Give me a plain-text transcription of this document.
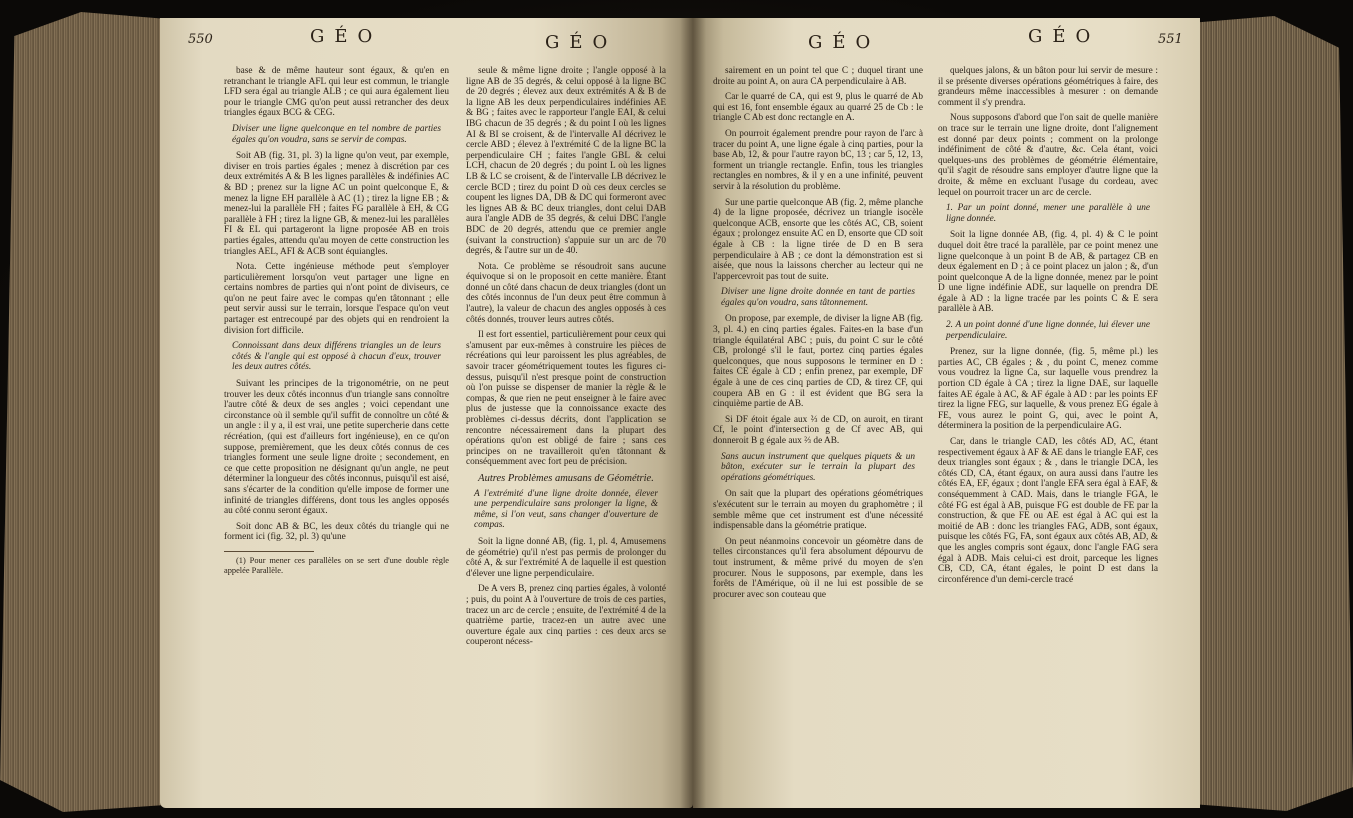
550	GÉO	GÉO

base & de même hauteur sont égaux, & qu'en en retranchant le triangle AFL qui leur est commun, le triangle LFD sera égal au triangle ALB ; ce qui aura également lieu pour le triangle CMG qu'on peut aussi retrancher des deux triangles égaux BCG & CEG.

Diviser une ligne quelconque en tel nombre de parties égales qu'on voudra, sans se servir de compas.

Soit AB (fig. 31, pl. 3) la ligne qu'on veut, par exemple, diviser en trois parties égales ; menez à discrétion par ces deux extrémités A & B les lignes parallèles & indéfinies AC & BD ; prenez sur la ligne AC un point quelconque E, & menez la ligne EH parallèle à AC (1) ; tirez la ligne EB ; & menez-lui la parallèle FH ; faites FG parallèle à EH, & CG parallèle à FH ; tirez la ligne GB, & menez-lui les parallèles FI & EL qui partageront la ligne proposée AB en trois parties égales, attendu qu'au moyen de cette construction les triangles AEL, AFI & ACB sont équiangles.

Nota. Cette ingénieuse méthode peut s'employer particulièrement lorsqu'on veut partager une ligne en certains nombres de parties qui n'ont point de diviseurs, ce qu'on ne peut faire avec le compas qu'en tâtonnant ; elle peut servir aussi sur le terrain, lorsque l'espace qu'on veut partager est entrecoupé par des objets qui en rendroient la division fort difficile.

Connoissant dans deux différens triangles un de leurs côtés & l'angle qui est opposé à chacun d'eux, trouver les deux autres côtés.

Suivant les principes de la trigonométrie, on ne peut trouver les deux côtés inconnus d'un triangle sans connoître l'autre côté & deux de ses angles ; voici cependant une circonstance où il semble qu'il suffit de connoître un côté & un angle : il y a, il est vrai, une petite supercherie dans cette récréation, (qui est d'ailleurs fort ingénieuse), en ce qu'on suppose, premièrement, que les deux côtés connus de ces triangles forment une seule ligne droite ; secondement, en ce que cette proposition ne désignant qu'un angle, ne peut déterminer la longueur des côtés inconnus, puisqu'il est aisé, sans s'écarter de la condition qu'elle impose de former une infinité de triangles différens, dont tous les angles opposés au côté connu seront égaux.

Soit donc AB & BC, les deux côtés du triangle qui ne forment ici (fig. 32, pl. 3) qu'une

(1) Pour mener ces parallèles on se sert d'une double règle appelée Parallèle.

seule & même ligne droite ; l'angle opposé à la ligne AB de 35 degrés, & celui opposé à la ligne BC de 20 degrés ; élevez aux deux extrémités A & B de la ligne AB les deux perpendiculaires indéfinies AE & BG ; faites avec le rapporteur l'angle EAI, & celui IBG chacun de 35 degrés ; & du point I où les lignes AI & BI se croisent, & de l'intervalle AI décrivez le cercle ABD ; élevez à l'extrémité C de la ligne BC la perpendiculaire CH ; faites l'angle GBL & celui LCH, chacun de 20 degrés ; du point L où les lignes LB & LC se croisent, & de l'intervalle LB décrivez le cercle BCD ; tirez du point D où ces deux cercles se coupent les lignes DA, DB & DC qui formeront avec les lignes AB & BC deux triangles, dont celui DAB aura l'angle ADB de 35 degrés, & celui DBC l'angle BDC de 20 degrés, attendu que ce premier angle (suivant la construction) s'appuie sur un arc de 70 degrés, & l'autre sur un de 40.

Nota. Ce problème se résoudroit sans aucune équivoque si on le proposoit en cette manière. Étant donné un côté dans chacun de deux triangles (dont un des côtés inconnus de l'un deux peut être commun à l'autre), la valeur de chacun des angles opposés à ces côtés donnés, trouver leurs autres côtés.

Il est fort essentiel, particulièrement pour ceux qui s'amusent par eux-mêmes à construire les pièces de récréations qui leur paroissent les plus agréables, de savoir tracer géométriquement toutes les figures ci-dessus, puisqu'il n'est presque point de construction où l'on puisse se dispenser de manier la règle & le compas, & que rien ne peut enseigner à le faire avec plus de justesse que la connoissance exacte des problèmes ci-dessus décrits, dont l'application se rencontre nécessairement dans la plupart des opérations qu'on est obligé de faire ; sans ces principes on ne travailleroit qu'en tâtonnant & conséquemment avec fort peu de précision.

Autres Problèmes amusans de Géométrie.

A l'extrémité d'une ligne droite donnée, élever une perpendiculaire sans prolonger la ligne, & même, si l'on veut, sans changer d'ouverture de compas.

Soit la ligne donné AB, (fig. 1, pl. 4, Amusemens de géométrie) qu'il n'est pas permis de prolonger du côté A, & sur l'extrémité A de laquelle il est question d'élever une ligne perpendiculaire.

De A vers B, prenez cinq parties égales, à volonté ; puis, du point A à l'ouverture de trois de ces parties, tracez un arc de cercle ; ensuite, de l'extrémité 4 de la quatrième partie, tracez-en un autre avec une ouverture égale aux cinq parties : ces deux arcs se couperont nécess-

GÉO	GÉO	551

sairement en un point tel que C ; duquel tirant une droite au point A, on aura CA perpendiculaire à AB.

Car le quarré de CA, qui est 9, plus le quarré de Ab qui est 16, font ensemble égaux au quarré 25 de Cb : le triangle C Ab est donc rectangle en A.

On pourroit également prendre pour rayon de l'arc à tracer du point A, une ligne égale à cinq parties, pour la base Ab, 12, & pour l'autre rayon bC, 13 ; car 5, 12, 13, forment un triangle rectangle. Enfin, tous les triangles rectangles en nombres, & il y en a une infinité, peuvent servir à la résolution du problème.

Sur une partie quelconque AB (fig. 2, même planche 4) de la ligne proposée, décrivez un triangle isocèle quelconque ACB, ensorte que les côtés AC, CB, soient égaux ; prolongez ensuite AC en D, ensorte que CD soit égale à CB : la ligne tirée de D en B sera perpendiculaire à AB ; ce dont la démonstration est si aisée, que nous la laissons chercher au lecteur qui ne l'appercevroit pas tout de suite.

Diviser une ligne droite donnée en tant de parties égales qu'on voudra, sans tâtonnement.

On propose, par exemple, de diviser la ligne AB (fig. 3, pl. 4.) en cinq parties égales. Faites-en la base d'un triangle équilatéral ABC ; puis, du point C sur le côté CB, prolongé s'il le faut, portez cinq parties égales quelconques, que nous supposons le terminer en D : faites CE égale à CD ; enfin prenez, par exemple, DF égale à une de ces cinq parties de CD, & tirez CF, qui coupera AB en G : il est évident que BG sera la cinquième partie de AB.

Si DF étoit égale aux ⅔ de CD, on auroit, en tirant Cf, le point d'intersection g de Cf avec AB, qui donneroit B g égale aux ⅔ de AB.

Sans aucun instrument que quelques piquets & un bâton, exécuter sur le terrain la plupart des opérations géométriques.

On sait que la plupart des opérations géométriques s'exécutent sur le terrain au moyen du graphomètre ; il semble même que cet instrument est d'une nécessité indispensable dans la géométrie pratique.

On peut néanmoins concevoir un géomètre dans de telles circonstances qu'il fera absolument dépourvu de tout instrument, & même privé du moyen de s'en procurer. Nous le supposons, par exemple, dans les forêts de l'Amérique, où il ne lui est possible de se procurer avec son couteau que

quelques jalons, & un bâton pour lui servir de mesure : il se présente diverses opérations géométriques à faire, des grandeurs même inaccessibles à mesurer : on demande comment il s'y prendra.

Nous supposons d'abord que l'on sait de quelle manière on trace sur le terrain une ligne droite, dont l'alignement est donné par deux points ; comment on la prolonge indéfiniment de côté & d'autre, &c. Cela étant, voici quelques-uns des problèmes de géométrie élémentaire, qu'il s'agit de résoudre sans employer d'autre ligne que la droite, & même en excluant l'usage du cordeau, avec lequel on pourroit tracer un arc de cercle.

1. Par un point donné, mener une parallèle à une ligne donnée.

Soit la ligne donnée AB, (fig. 4, pl. 4) & C le point duquel doit être tracé la parallèle, par ce point menez une ligne quelconque à un point B de AB, & partagez CB en deux également en D ; à ce point placez un jalon ; &, d'un point quelconque A de la ligne donnée, menez par le point D une ligne indéfinie ADE, sur laquelle on prendra DE égale à AD : la ligne tracée par les points C & E sera parallèle à AB.

2. A un point donné d'une ligne donnée, lui élever une perpendiculaire.

Prenez, sur la ligne donnée, (fig. 5, même pl.) les parties AC, CB égales ; & , du point C, menez comme vous voudrez la ligne Ca, sur laquelle vous prendrez la portion CD égale à CA ; tirez la ligne DAE, sur laquelle faites AE égale à AC, & AF égale à AD : par les points EF tirez la ligne FEG, sur laquelle, & vous prenez EG égale à FE, vous aurez le point G, qui, avec le point A, déterminera la position de la perpendiculaire AG.

Car, dans le triangle CAD, les côtés AD, AC, étant respectivement égaux à AF & AE dans le triangle EAF, ces deux triangles sont égaux ; & , dans le triangle DCA, les côtés CD, CA, étant égaux, on aura aussi dans l'autre les côtés EA, EF, égaux ; dont l'angle EFA sera égal à EAF, & conséquemment à CAD. Mais, dans le triangle FGA, le côté FG est égal à AB, puisque FG est double de FE par la construction, & que FE ou AE est égal à AC qui est la moitié de AB : donc les triangles FAG, ADB, sont égaux, puisque les côtés FG, FA, sont égaux aux côtés AB, AD, & que les angles compris sont égaux, donc l'angle FAG sera égal à ADB. Mais celui-ci est droit, parceque les lignes CB, CD, CA, étant égales, le point D est dans la circonférence d'un demi-cercle tracé
